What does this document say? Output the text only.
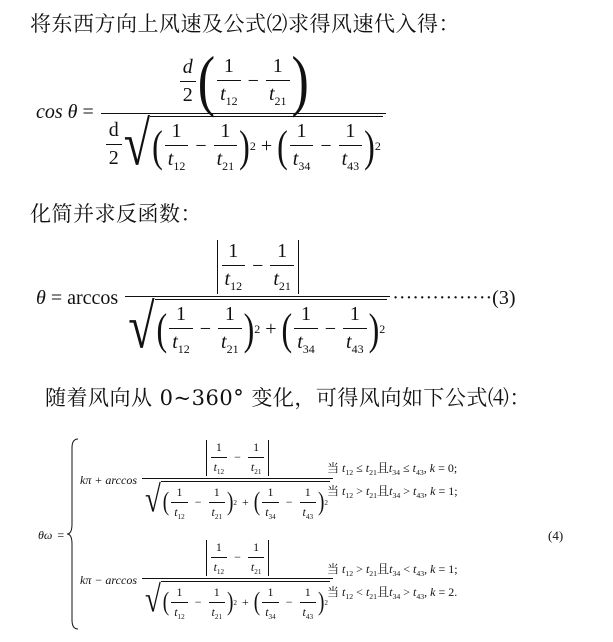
将东西方向上风速及公式⑵求得风速代入得：
$\cos \theta = \frac{\frac{d}{2} ( \frac{1}{t_{12}} - \frac{1}{t_{21}} )}{\frac{d}{2} √ ( \frac{1}{t_{12}} - \frac{1}{t_{21}} ) 2 + ( \frac{1}{t_{34}} - \frac{1}{t_{43}} ) 2}$
化简并求反函数：
θ = arccos
$\frac{\frac{1}{t_{12}} - \frac{1}{t_{21}}}{√ ( \frac{1}{t_{12}} - \frac{1}{t_{21}} ) 2 + ( \frac{1}{t_{34}} - \frac{1}{t_{43}} ) 2}$ ··············· (3)
随着风向从 0~360° 变化，可得风向如下公式⑷：
θω =
kπ + arccos
$\frac{\frac{1}{t_{12}} - \frac{1}{t_{21}}}{√ ( \frac{1}{t_{12}} - \frac{1}{t_{21}} ) 2 + ( \frac{1}{t_{34}} - \frac{1}{t_{43}} ) 2}$
kπ − arccos
$\frac{\frac{1}{t_{12}} - \frac{1}{t_{21}}}{√ ( \frac{1}{t_{12}} - \frac{1}{t_{21}} ) 2 + ( \frac{1}{t_{34}} - \frac{1}{t_{43}} ) 2}$
当 $t_{12} \le t_{21}$且$t_{34} \le t_{43}$, k = 0;
当 $t_{12} > t_{21}$且$t_{34} > t_{43}$, k = 1;
当 $t_{12} > t_{21}$且$t_{34} < t_{43}$, k = 1;
当 $t_{12} < t_{21}$且$t_{34} > t_{43}$, k = 2.
(4)
